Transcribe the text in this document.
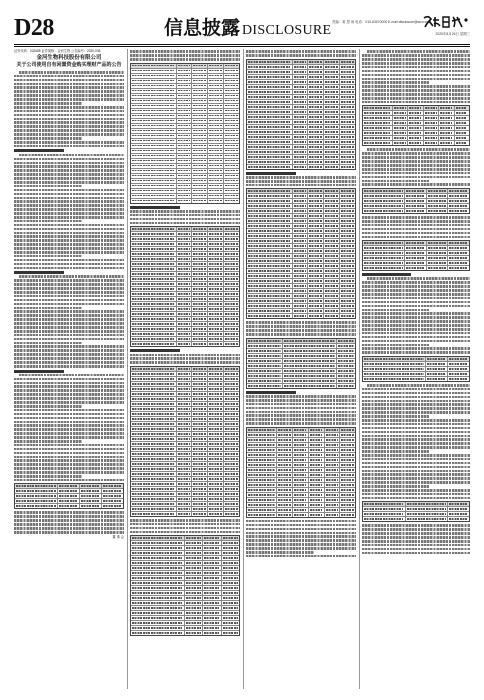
D28	信息披露 DISCLOSURE
责编：姜 思 雨 电话：010-63070000 E-mail:disclosure@stcn.com
2020年8月26日 星期三
证券代码：002688 证券简称：金河生物 公告编号：2020-038
金河生物科技股份有限公司
关于公司使用自有闲置资金购买理财产品的公告
董 事 会
